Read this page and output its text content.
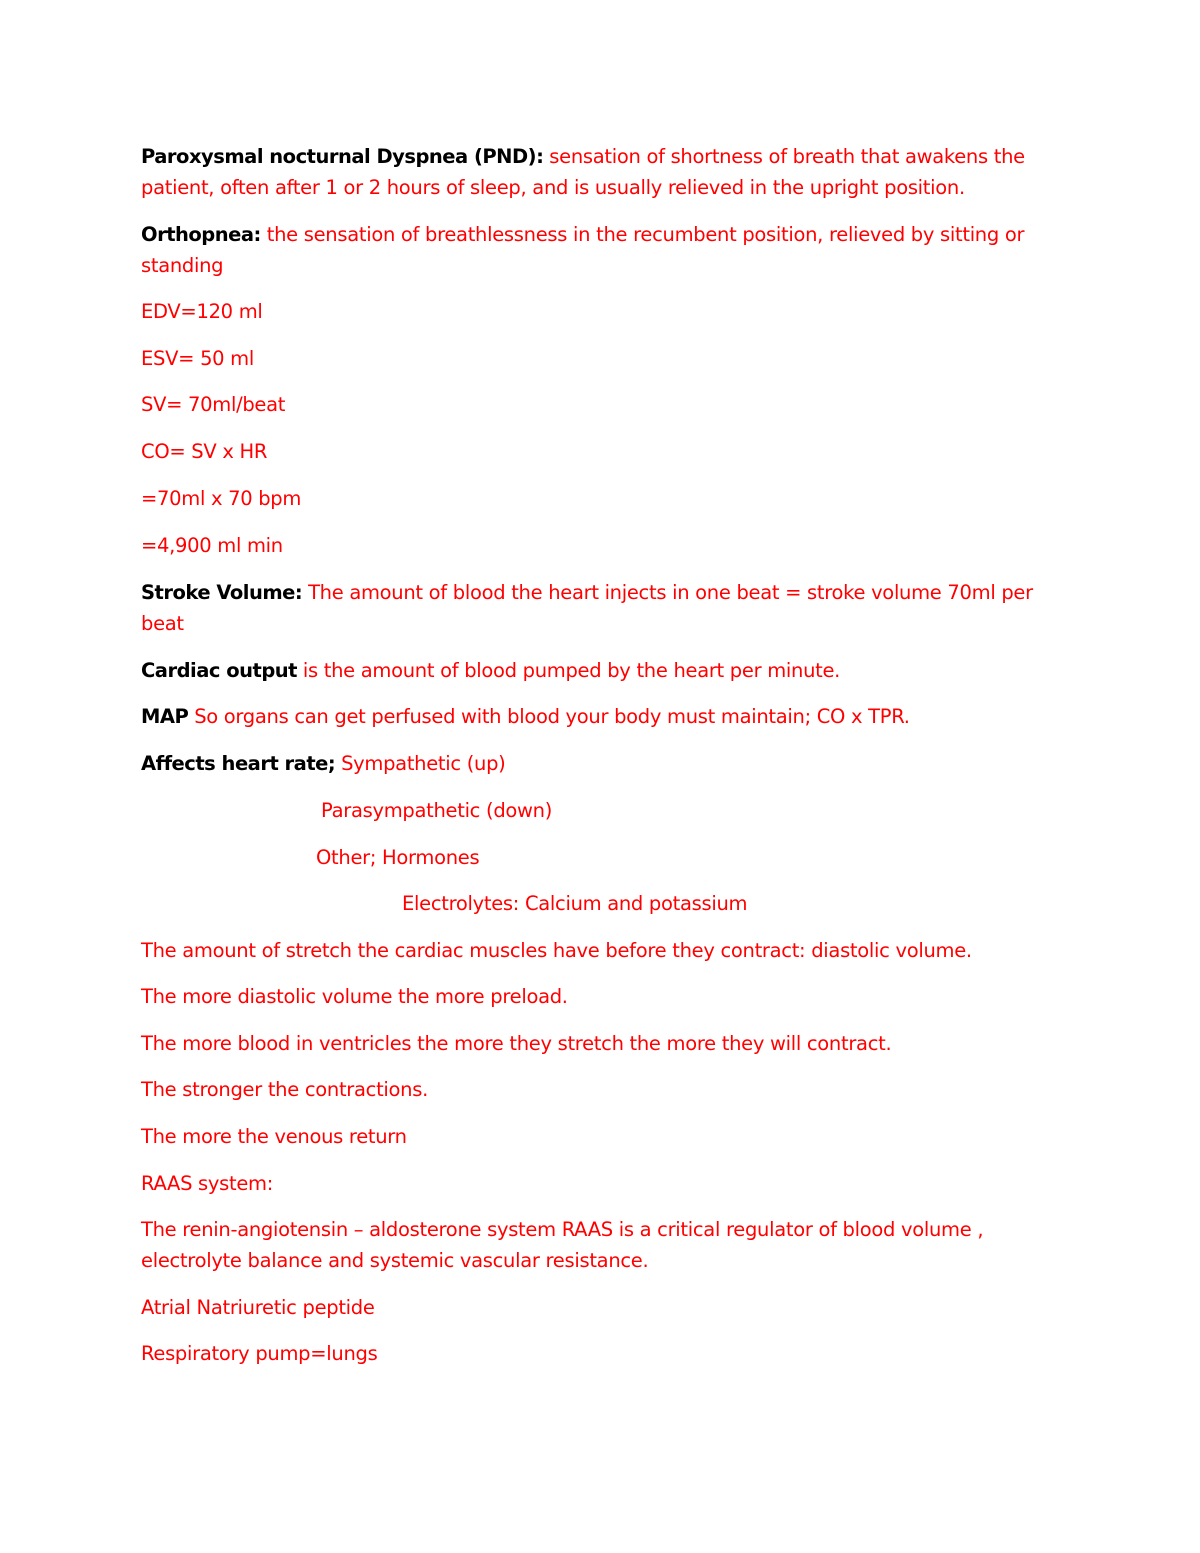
Paroxysmal nocturnal Dyspnea (PND): sensation of shortness of breath that awakens the patient, often after 1 or 2 hours of sleep, and is usually relieved in the upright position.

Orthopnea: the sensation of breathlessness in the recumbent position, relieved by sitting or standing

EDV=120 ml

ESV= 50 ml

SV= 70ml/beat

CO= SV x HR

=70ml x 70 bpm

=4,900 ml min

Stroke Volume: The amount of blood the heart injects in one beat = stroke volume 70ml per beat

Cardiac output is the amount of blood pumped by the heart per minute.

MAP So organs can get perfused with blood your body must maintain; CO x TPR.

Affects heart rate; Sympathetic (up)

Parasympathetic (down)

Other; Hormones

Electrolytes: Calcium and potassium

The amount of stretch the cardiac muscles have before they contract: diastolic volume.

The more diastolic volume the more preload.

The more blood in ventricles the more they stretch the more they will contract.

The stronger the contractions.

The more the venous return

RAAS system:

The renin-angiotensin – aldosterone system RAAS is a critical regulator of blood volume , electrolyte balance and systemic vascular resistance.

Atrial Natriuretic peptide

Respiratory pump=lungs
